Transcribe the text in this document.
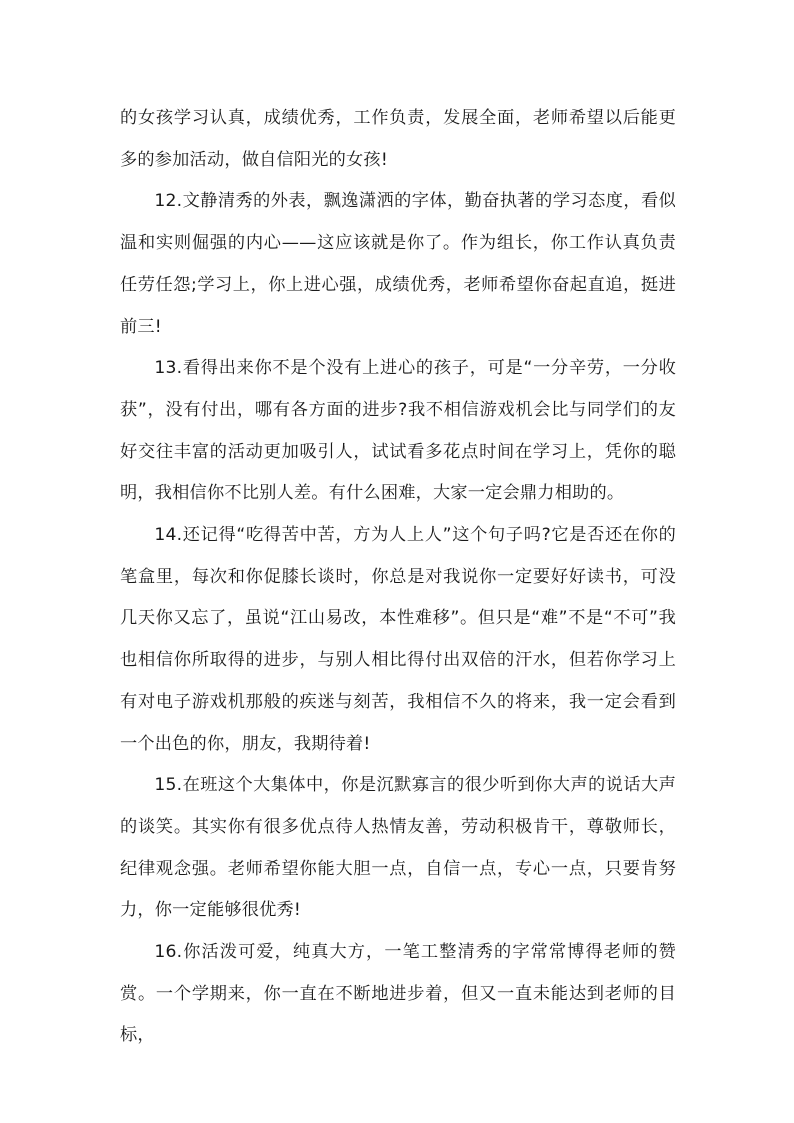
的女孩学习认真，成绩优秀，工作负责，发展全面，老师希望以后能更多的参加活动，做自信阳光的女孩!

12.文静清秀的外表，飘逸潇洒的字体，勤奋执著的学习态度，看似温和实则倔强的内心——这应该就是你了。作为组长，你工作认真负责任劳任怨;学习上，你上进心强，成绩优秀，老师希望你奋起直追，挺进前三!

13.看得出来你不是个没有上进心的孩子，可是“一分辛劳，一分收获”，没有付出，哪有各方面的进步?我不相信游戏机会比与同学们的友好交往丰富的活动更加吸引人，试试看多花点时间在学习上，凭你的聪明，我相信你不比别人差。有什么困难，大家一定会鼎力相助的。

14.还记得“吃得苦中苦，方为人上人”这个句子吗?它是否还在你的笔盒里，每次和你促膝长谈时，你总是对我说你一定要好好读书，可没几天你又忘了，虽说“江山易改，本性难移”。但只是“难”不是“不可”我也相信你所取得的进步，与别人相比得付出双倍的汗水，但若你学习上有对电子游戏机那般的疾迷与刻苦，我相信不久的将来，我一定会看到一个出色的你，朋友，我期待着!

15.在班这个大集体中，你是沉默寡言的很少听到你大声的说话大声的谈笑。其实你有很多优点待人热情友善，劳动积极肯干，尊敬师长，纪律观念强。老师希望你能大胆一点，自信一点，专心一点，只要肯努力，你一定能够很优秀!

16.你活泼可爱，纯真大方，一笔工整清秀的字常常博得老师的赞赏。一个学期来，你一直在不断地进步着，但又一直未能达到老师的目标，
